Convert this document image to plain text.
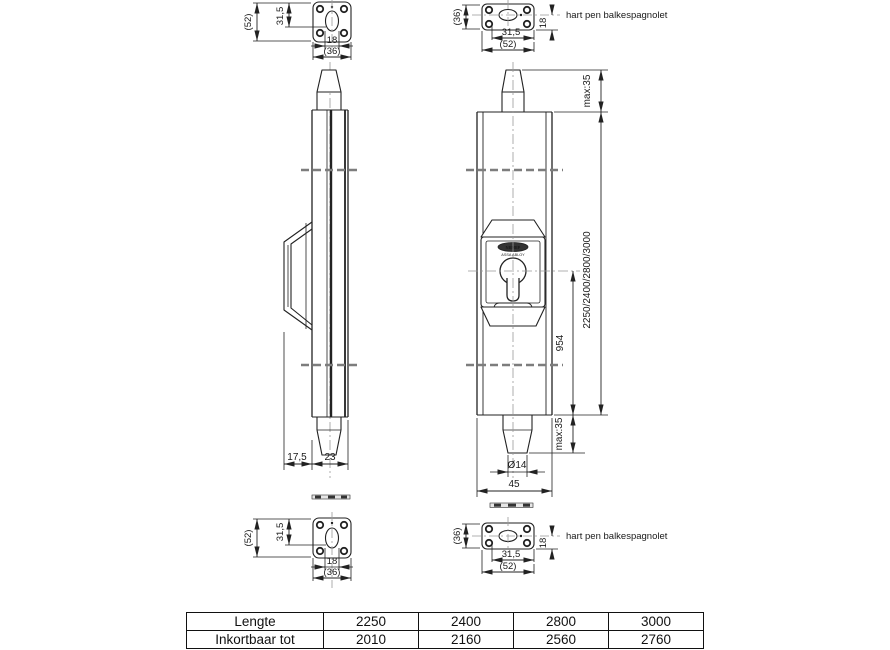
(52) 31,5
18
(36)
(36)	18
31,5
(52)
hart pen balkespagnolet
17,5 23
NEMEF
ASSA ABLOY
max:35
2250/2400/2800/3000
954
max:35
Ø14
45
(52) 31,5
18
(36)
(36)	18
31,5
(52)
hart pen balkespagnolet
Lengte	2250	2400	2800	3000
Inkortbaar tot	2010	2160	2560	2760
